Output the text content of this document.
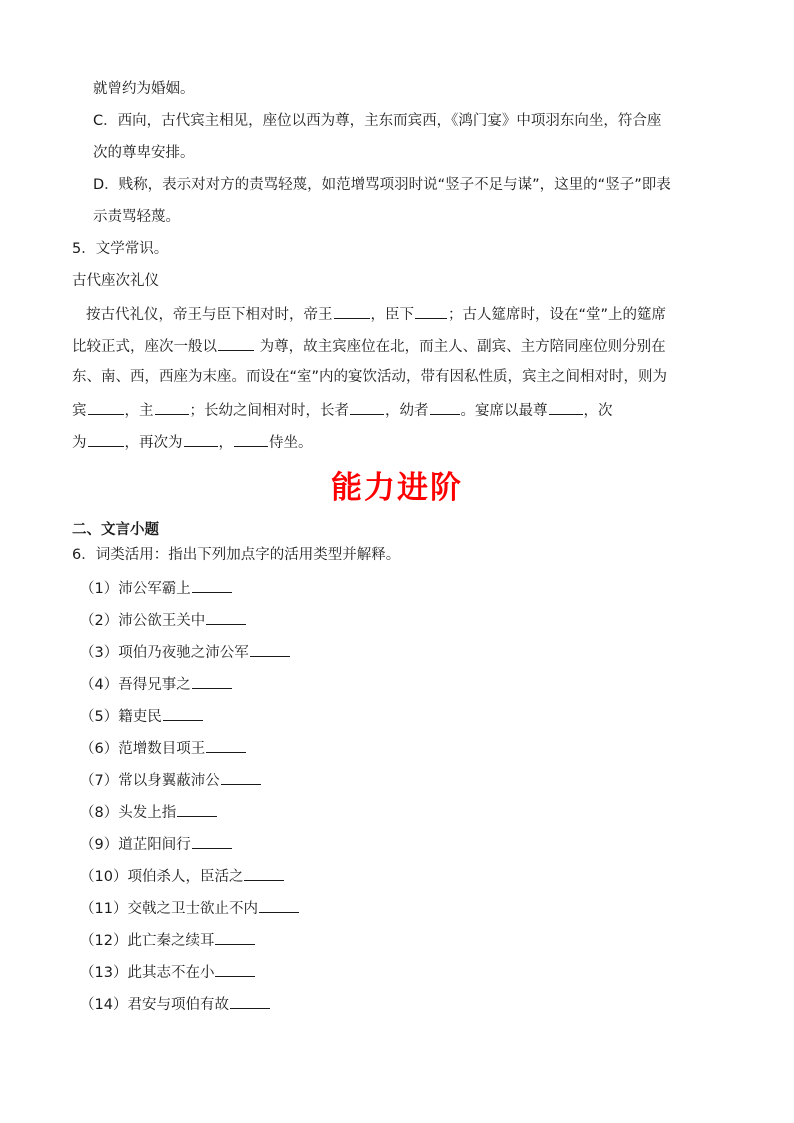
就曾约为婚姻。
C．西向，古代宾主相见，座位以西为尊，主东而宾西，《鸿门宴》中项羽东向坐，符合座
次的尊卑安排。
D．贱称，表示对对方的责骂轻蔑，如范增骂项羽时说“竖子不足与谋”，这里的“竖子”即表
示责骂轻蔑。
5．文学常识。
古代座次礼仪
按古代礼仪，帝王与臣下相对时，帝王	，臣下 ；古人筵席时，设在“堂”上的筵席
比较正式，座次一般以	为尊，故主宾座位在北，而主人、副宾、主方陪同座位则分别在
东、南、西，西座为末座。而设在“室”内的宴饮活动，带有因私性质，宾主之间相对时，则为
宾	，主 ；长幼之间相对时，长者 ，幼者 。宴席以最尊 ，次
为	，再次为 ， 侍坐。
能力进阶
二、文言小题
6．词类活用：指出下列加点字的活用类型并解释。
（1）沛公军霸上
（2）沛公欲王关中
（3）项伯乃夜驰之沛公军
（4）吾得兄事之
（5）籍吏民
（6）范增数目项王
（7）常以身翼蔽沛公
（8）头发上指
（9）道芷阳间行
（10）项伯杀人，臣活之
（11）交戟之卫士欲止不内
（12）此亡秦之续耳
（13）此其志不在小
（14）君安与项伯有故
